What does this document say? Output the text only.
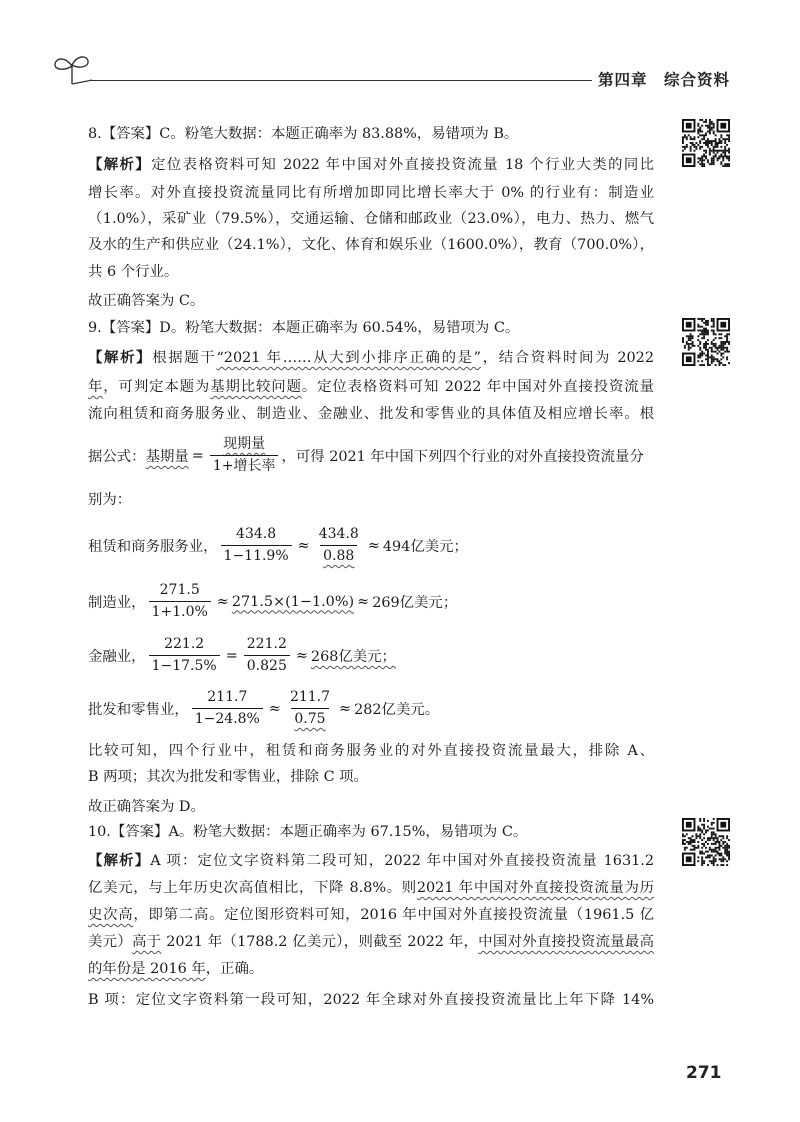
第四章　综合资料
8.【答案】C。粉笔大数据：本题正确率为 83.88%，易错项为 B。
【解析】定位表格资料可知 2022 年中国对外直接投资流量 18 个行业大类的同比
增长率。对外直接投资流量同比有所增加即同比增长率大于 0% 的行业有：制造业
（1.0%），采矿业（79.5%），交通运输、仓储和邮政业（23.0%），电力、热力、燃气
及水的生产和供应业（24.1%），文化、体育和娱乐业（1600.0%），教育（700.0%），
共 6 个行业。
故正确答案为 C。
9.【答案】D。粉笔大数据：本题正确率为 60.54%，易错项为 C。
【解析】根据题干“2021 年……从大到小排序正确的是”，结合资料时间为 2022
年，可判定本题为基期比较问题。定位表格资料可知 2022 年中国对外直接投资流量
流向租赁和商务服务业、制造业、金融业、批发和零售业的具体值及相应增长率。根
据公式： 基期量 = $\frac{\text{现期量}}{\text{1+增长率}}$ ，可得 2021 年中国下列四个行业的对外直接投资流量分
别为：
租赁和商务服务业， $\frac{434.8}{1-11.9\%} \approx \frac{434.8}{0.88} \approx 494$亿美元；
制造业， $\frac{271.5}{1+1.0\%} \approx 271.5\times(1-1.0\%) \approx 269$亿美元；
金融业， $\frac{221.2}{1-17.5\%} = \frac{221.2}{0.825} \approx 268$亿美元；
批发和零售业， $\frac{211.7}{1-24.8\%} \approx \frac{211.7}{0.75} \approx 282$亿美元。
比较可知，四个行业中，租赁和商务服务业的对外直接投资流量最大，排除 A、
B 两项；其次为批发和零售业，排除 C 项。
故正确答案为 D。
10.【答案】A。粉笔大数据：本题正确率为 67.15%，易错项为 C。
【解析】A 项：定位文字资料第二段可知，2022 年中国对外直接投资流量 1631.2
亿美元，与上年历史次高值相比，下降 8.8%。则2021 年中国对外直接投资流量为历
史次高，即第二高。定位图形资料可知，2016 年中国对外直接投资流量（1961.5 亿
美元）高于 2021 年（1788.2 亿美元），则截至 2022 年，中国对外直接投资流量最高
的年份是 2016 年，正确。
B 项：定位文字资料第一段可知，2022 年全球对外直接投资流量比上年下降 14%
271
